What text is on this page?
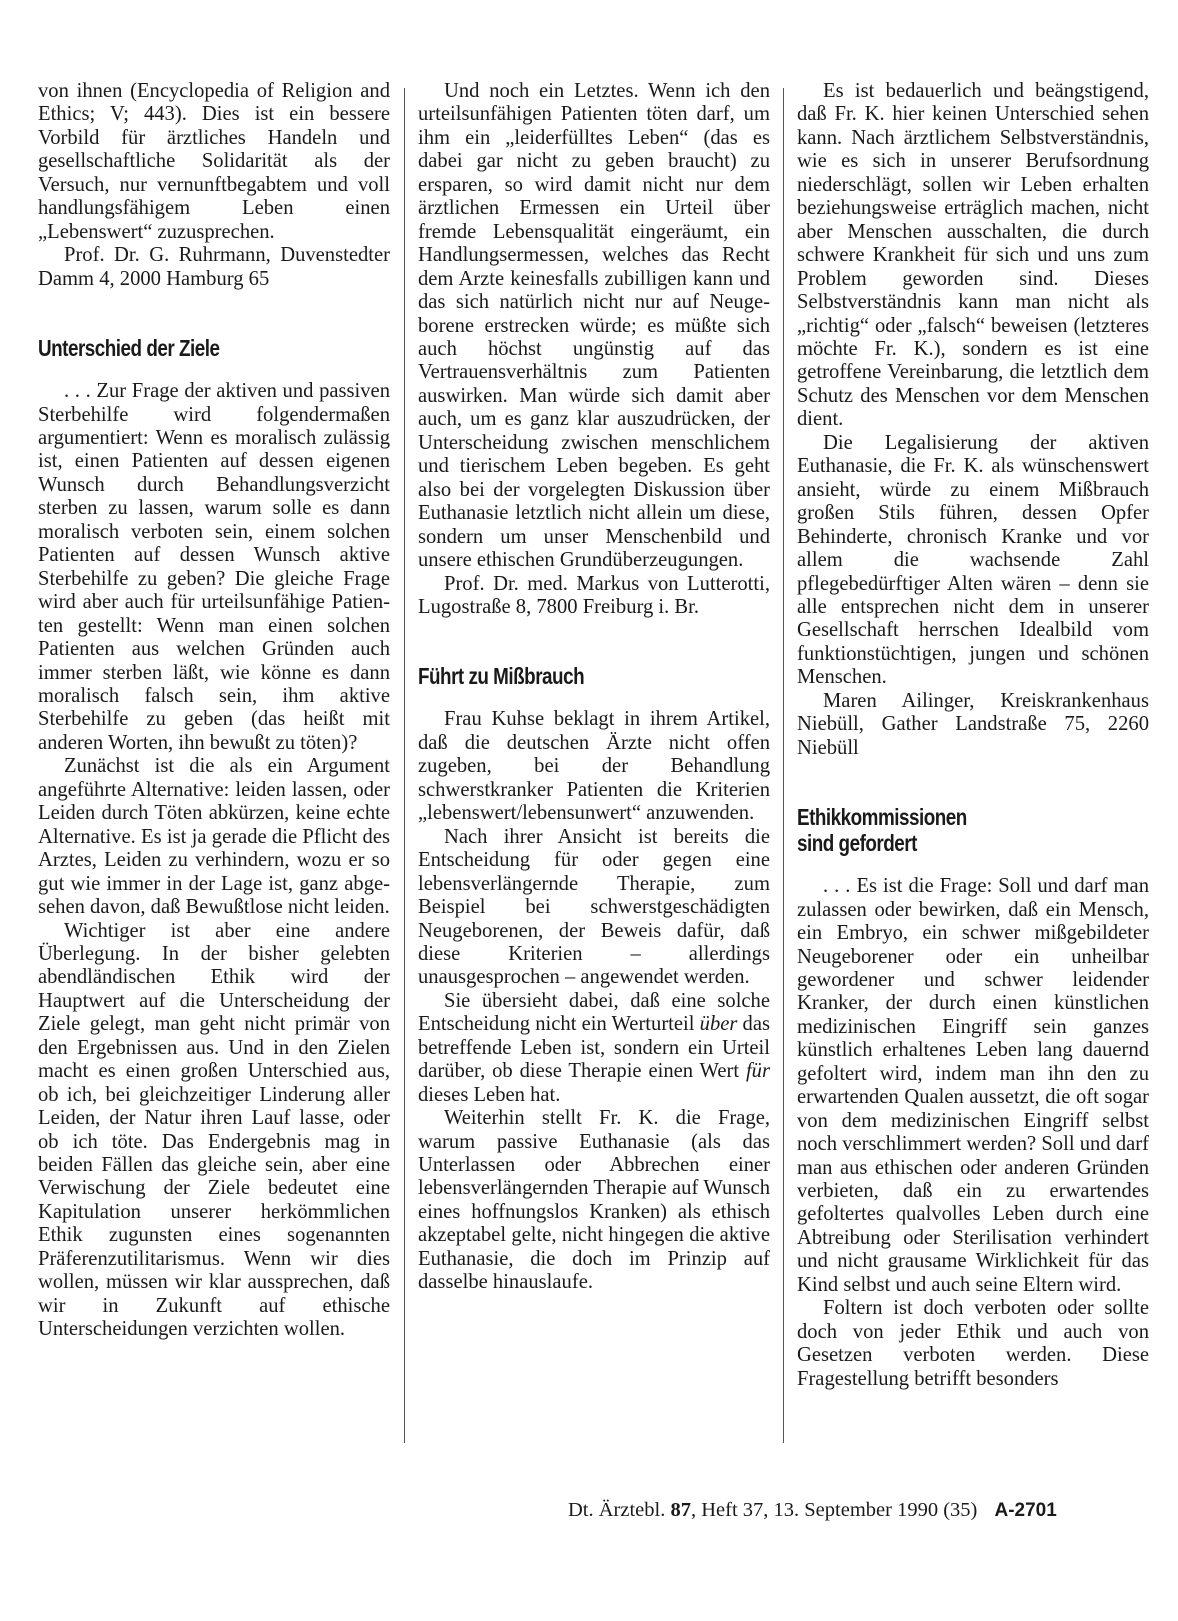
von ihnen (Encyclopedia of Religion and Ethics; V; 443). Dies ist ein bessere Vorbild für ärztliches Handeln und gesellschaftliche Solidarität als der Versuch, nur vernunftbegabtem und voll handlungsfähigem Leben einen „Lebenswert“ zuzusprechen.

Prof. Dr. G. Ruhrmann, Duvenstedter Damm 4, 2000 Hamburg 65

Unterschied der Ziele

. . . Zur Frage der aktiven und passiven Sterbehilfe wird folgendermaßen argumentiert: Wenn es moralisch zulässig ist, einen Patienten auf dessen eigenen Wunsch durch Behandlungsverzicht sterben zu lassen, warum solle es dann moralisch verboten sein, einem solchen Patienten auf dessen Wunsch aktive Sterbehilfe zu geben? Die gleiche Frage wird aber auch für urteilsunfähige Patienten gestellt: Wenn man einen solchen Patienten aus welchen Gründen auch immer sterben läßt, wie könne es dann moralisch falsch sein, ihm aktive Sterbehilfe zu geben (das heißt mit anderen Worten, ihn bewußt zu töten)?

Zunächst ist die als ein Argument angeführte Alternative: leiden lassen, oder Leiden durch Töten abkürzen, keine echte Alternative. Es ist ja gerade die Pflicht des Arztes, Leiden zu verhindern, wozu er so gut wie immer in der Lage ist, ganz abgesehen davon, daß Bewußtlose nicht leiden.

Wichtiger ist aber eine andere Überlegung. In der bisher gelebten abendländischen Ethik wird der Hauptwert auf die Unterscheidung der Ziele gelegt, man geht nicht primär von den Ergebnissen aus. Und in den Zielen macht es einen großen Unterschied aus, ob ich, bei gleichzeitiger Linderung aller Leiden, der Natur ihren Lauf lasse, oder ob ich töte. Das Endergebnis mag in beiden Fällen das gleiche sein, aber eine Verwischung der Ziele bedeutet eine Kapitulation unserer herkömmlichen Ethik zugunsten eines sogenannten Präferenzutilitarismus. Wenn wir dies wollen, müssen wir klar aussprechen, daß wir in Zukunft auf ethische Unterscheidungen verzichten wollen.

Und noch ein Letztes. Wenn ich den urteilsunfähigen Patienten töten darf, um ihm ein „leiderfülltes Leben“ (das es dabei gar nicht zu geben braucht) zu ersparen, so wird damit nicht nur dem ärztlichen Ermessen ein Urteil über fremde Lebensqualität eingeräumt, ein Handlungsermessen, welches das Recht dem Arzte keinesfalls zubilligen kann und das sich natürlich nicht nur auf Neugeborene erstrecken würde; es müßte sich auch höchst ungünstig auf das Vertrauensverhältnis zum Patienten auswirken. Man würde sich damit aber auch, um es ganz klar auszudrücken, der Unterscheidung zwischen menschlichem und tierischem Leben begeben. Es geht also bei der vorgelegten Diskussion über Euthanasie letztlich nicht allein um diese, sondern um unser Menschenbild und unsere ethischen Grundüberzeugungen.

Prof. Dr. med. Markus von Lutterotti, Lugostraße 8, 7800 Freiburg i. Br.

Führt zu Mißbrauch

Frau Kuhse beklagt in ihrem Artikel, daß die deutschen Ärzte nicht offen zugeben, bei der Behandlung schwerstkranker Patienten die Kriterien „lebenswert/lebensunwert“ anzuwenden.

Nach ihrer Ansicht ist bereits die Entscheidung für oder gegen eine lebensverlängernde Therapie, zum Beispiel bei schwerstgeschädigten Neugeborenen, der Beweis dafür, daß diese Kriterien – allerdings unausgesprochen – angewendet werden.

Sie übersieht dabei, daß eine solche Entscheidung nicht ein Werturteil über das betreffende Leben ist, sondern ein Urteil darüber, ob diese Therapie einen Wert für dieses Leben hat.

Weiterhin stellt Fr. K. die Frage, warum passive Euthanasie (als das Unterlassen oder Abbrechen einer lebensverlängernden Therapie auf Wunsch eines hoffnungslos Kranken) als ethisch akzeptabel gelte, nicht hingegen die aktive Euthanasie, die doch im Prinzip auf dasselbe hinauslaufe.

Es ist bedauerlich und beängstigend, daß Fr. K. hier keinen Unterschied sehen kann. Nach ärztlichem Selbstverständnis, wie es sich in unserer Berufsordnung niederschlägt, sollen wir Leben erhalten beziehungsweise erträglich machen, nicht aber Menschen ausschalten, die durch schwere Krankheit für sich und uns zum Problem geworden sind. Dieses Selbstverständnis kann man nicht als „richtig“ oder „falsch“ beweisen (letzteres möchte Fr. K.), sondern es ist eine getroffene Vereinbarung, die letztlich dem Schutz des Menschen vor dem Menschen dient.

Die Legalisierung der aktiven Euthanasie, die Fr. K. als wünschenswert ansieht, würde zu einem Mißbrauch großen Stils führen, dessen Opfer Behinderte, chronisch Kranke und vor allem die wachsende Zahl pflegebedürftiger Alten wären – denn sie alle entsprechen nicht dem in unserer Gesellschaft herrschen Idealbild vom funktionstüchtigen, jungen und schönen Menschen.

Maren Ailinger, Kreiskrankenhaus Niebüll, Gather Landstraße 75, 2260 Niebüll

Ethikkommissionen
sind gefordert

. . . Es ist die Frage: Soll und darf man zulassen oder bewirken, daß ein Mensch, ein Embryo, ein schwer mißgebildeter Neugeborener oder ein unheilbar gewordener und schwer leidender Kranker, der durch einen künstlichen medizinischen Eingriff sein ganzes künstlich erhaltenes Leben lang dauernd gefoltert wird, indem man ihn den zu erwartenden Qualen aussetzt, die oft sogar von dem medizinischen Eingriff selbst noch verschlimmert werden? Soll und darf man aus ethischen oder anderen Gründen verbieten, daß ein zu erwartendes gefoltertes qualvolles Leben durch eine Abtreibung oder Sterilisation verhindert und nicht grausame Wirklichkeit für das Kind selbst und auch seine Eltern wird.

Foltern ist doch verboten oder sollte doch von jeder Ethik und auch von Gesetzen verboten werden. Diese Fragestellung betrifft besonders

Dt. Ärztebl. 87, Heft 37, 13. September 1990 (35) A-2701
